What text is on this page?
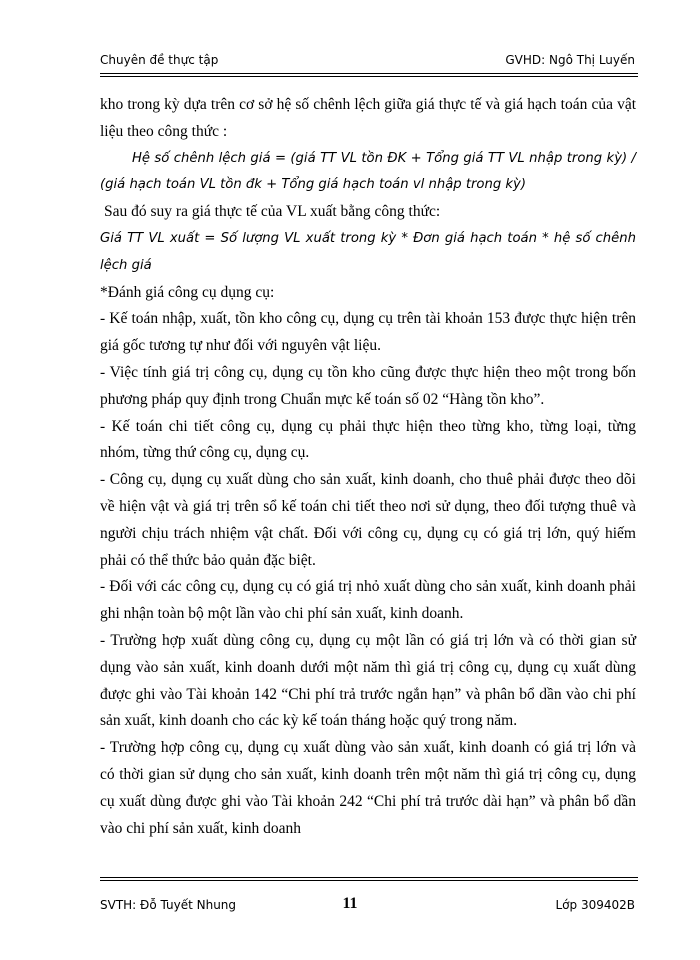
Chuyên đề thực tập	GVHD: Ngô Thị Luyến

kho trong kỳ dựa trên cơ sở hệ số chênh lệch giữa giá thực tế và giá hạch toán của vật liệu theo công thức :

Hệ số chênh lệch giá = (giá TT VL tồn ĐK + Tổng giá TT VL nhập trong kỳ) / (giá hạch toán VL tồn đk + Tổng giá hạch toán vl nhập trong kỳ)

Sau đó suy ra giá thực tế của VL xuất bằng công thức:

Giá TT VL xuất = Số lượng VL xuất trong kỳ * Đơn giá hạch toán * hệ số chênh lệch giá

*Đánh giá công cụ dụng cụ:

- Kế toán nhập, xuất, tồn kho công cụ, dụng cụ trên tài khoản 153 được thực hiện trên giá gốc tương tự như đối với nguyên vật liệu.

- Việc tính giá trị công cụ, dụng cụ tồn kho cũng được thực hiện theo một trong bốn phương pháp quy định trong Chuẩn mực kế toán số 02 “Hàng tồn kho”.

- Kế toán chi tiết công cụ, dụng cụ phải thực hiện theo từng kho, từng loại, từng nhóm, từng thứ công cụ, dụng cụ.

- Công cụ, dụng cụ xuất dùng cho sản xuất, kinh doanh, cho thuê phải được theo dõi về hiện vật và giá trị trên sổ kế toán chi tiết theo nơi sử dụng, theo đối tượng thuê và người chịu trách nhiệm vật chất. Đối với công cụ, dụng cụ có giá trị lớn, quý hiếm phải có thể thức bảo quản đặc biệt.

- Đối với các công cụ, dụng cụ có giá trị nhỏ xuất dùng cho sản xuất, kinh doanh phải ghi nhận toàn bộ một lần vào chi phí sản xuất, kinh doanh.

- Trường hợp xuất dùng công cụ, dụng cụ một lần có giá trị lớn và có thời gian sử dụng vào sản xuất, kinh doanh dưới một năm thì giá trị công cụ, dụng cụ xuất dùng được ghi vào Tài khoản 142 “Chi phí trả trước ngắn hạn” và phân bổ dần vào chi phí sản xuất, kinh doanh cho các kỳ kế toán tháng hoặc quý trong năm.

- Trường hợp công cụ, dụng cụ xuất dùng vào sản xuất, kinh doanh có giá trị lớn và có thời gian sử dụng cho sản xuất, kinh doanh trên một năm thì giá trị công cụ, dụng cụ xuất dùng được ghi vào Tài khoản 242 “Chi phí trả trước dài hạn” và phân bổ dần vào chi phí sản xuất, kinh doanh

SVTH: Đỗ Tuyết Nhung	11	Lớp 309402B
